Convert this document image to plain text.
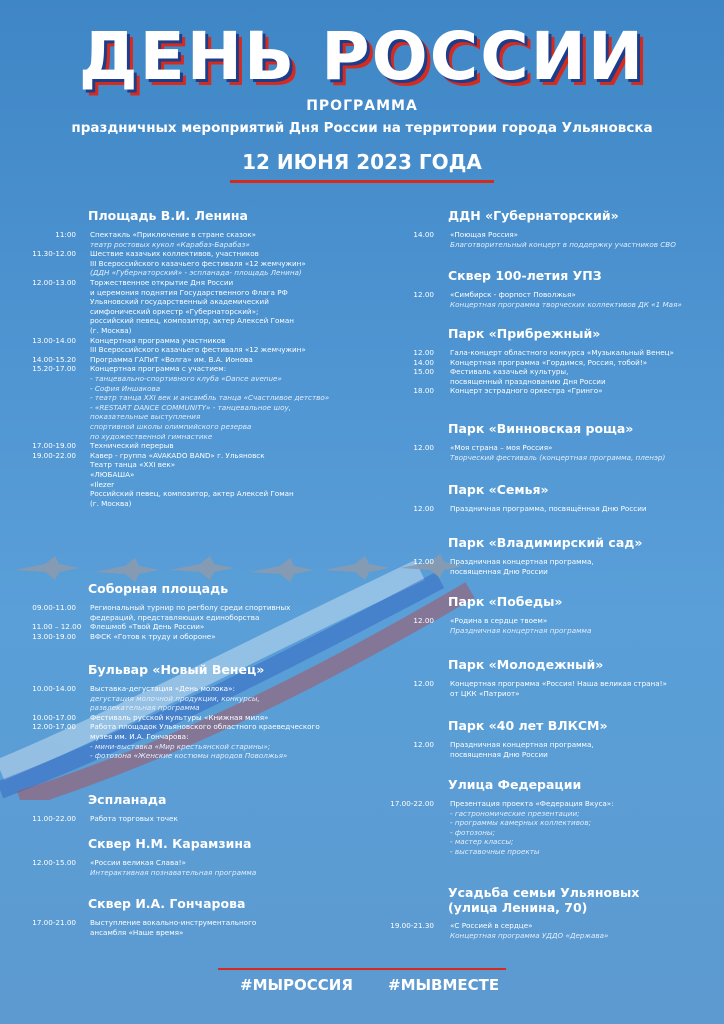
ДЕНЬ РОССИИ
ПРОГРАММА
праздничных мероприятий Дня России на территории города Ульяновска
12 ИЮНЯ 2023 ГОДА
Площадь В.И. Ленина
11:00 Спектакль «Приключение в стране сказок»
театр ростовых кукол «Карабаз-Барабаз»
11.30-12.00 Шествие казачьих коллективов, участников
III Всероссийского казачьего фестиваля «12 жемчужин»
(ДДН «Губернаторский» - эспланада- площадь Ленина)
12.00-13.00 Торжественное открытие Дня России
и церемония поднятия Государственного Флага РФ
Ульяновский государственный академический
симфонический оркестр «Губернаторский»;
российский певец, композитор, актер Алексей Гоман
(г. Москва)
13.00-14.00 Концертная программа участников
III Всероссийского казачьего фестиваля «12 жемчужин»
14.00-15.20 Программа ГАПиТ «Волга» им. В.А. Ионова
15.20-17.00 Концертная программа с участием:
- танцевально-спортивного клуба «Dance avenue»
- София Иншакова
- театр танца XXI век и ансамбль танца «Счастливое детство»
- «RESTART DANCE COMMUNITY» - танцевальное шоу,
показательные выступления
спортивной школы олимпийского резерва
по художественной гимнастике
17.00-19.00 Технический перерыв
19.00-22.00 Кавер - группа «AVAKADO BAND» г. Ульяновск
Театр танца «XXI век»
«ЛЮБАША»
«Ilezer
Российский певец, композитор, актер Алексей Гоман
(г. Москва)
Соборная площадь
09.00-11.00 Региональный турнир по регболу среди спортивных
федераций, представляющих единоборства
11.00 – 12.00 Флешмоб «Твой День России»
13.00-19.00 ВФСК «Готов к труду и обороне»
Бульвар «Новый Венец»
10.00-14.00 Выставка-дегустация «День молока»:
дегустация молочной продукции, конкурсы,
развлекательная программа
10.00-17.00 Фестиваль русской культуры «Книжная миля»
12.00-17.00 Работа площадок Ульяновского областного краеведческого
музея им. И.А. Гончарова:
- мини-выставка «Мир крестьянской старины»;
- фотозона «Женские костюмы народов Поволжья»
Эспланада
11.00-22.00 Работа торговых точек
Сквер Н.М. Карамзина
12.00-15.00 «России великая Слава!»
Интерактивная познавательная программа
Сквер И.А. Гончарова
17.00-21.00 Выступление вокально-инструментального
ансамбля «Наше время»
ДДН «Губернаторский»
14.00 «Поющая Россия»
Благотворительный концерт в поддержку участников СВО
Сквер 100-летия УПЗ
12.00 «Симбирск - форпост Поволжья»
Концертная программа творческих коллективов ДК «1 Мая»
Парк «Прибрежный»
12.00 Гала-концерт областного конкурса «Музыкальный Венец»
14.00 Концертная программа «Гордимся, Россия, тобой!»
15.00 Фестиваль казачьей культуры,
посвященный празднованию Дня России
18.00 Концерт эстрадного оркестра «Гринго»
Парк «Винновская роща»
12.00 «Моя страна – моя Россия»
Творческий фестиваль (концертная программа, пленэр)
Парк «Семья»
12.00 Праздничная программа, посвящённая Дню России
Парк «Владимирский сад»
12.00 Праздничная концертная программа,
посвященная Дню России
Парк «Победы»
12.00 «Родина в сердце твоем»
Праздничная концертная программа
Парк «Молодежный»
12.00 Концертная программа «Россия! Наша великая страна!»
от ЦКК «Патриот»
Парк «40 лет ВЛКСМ»
12.00 Праздничная концертная программа,
посвященная Дню России
Улица Федерации
17.00-22.00 Презентация проекта «Федерация Вкуса»:
- гастрономические презентации;
- программы камерных коллективов;
- фотозоны;
- мастер классы;
- выставочные проекты
Усадьба семьи Ульяновых
(улица Ленина, 70)
19.00-21.30 «С Россией в сердце»
Концертная программа УДДО «Держава»
#МЫРОССИЯ #МЫВМЕСТЕ
